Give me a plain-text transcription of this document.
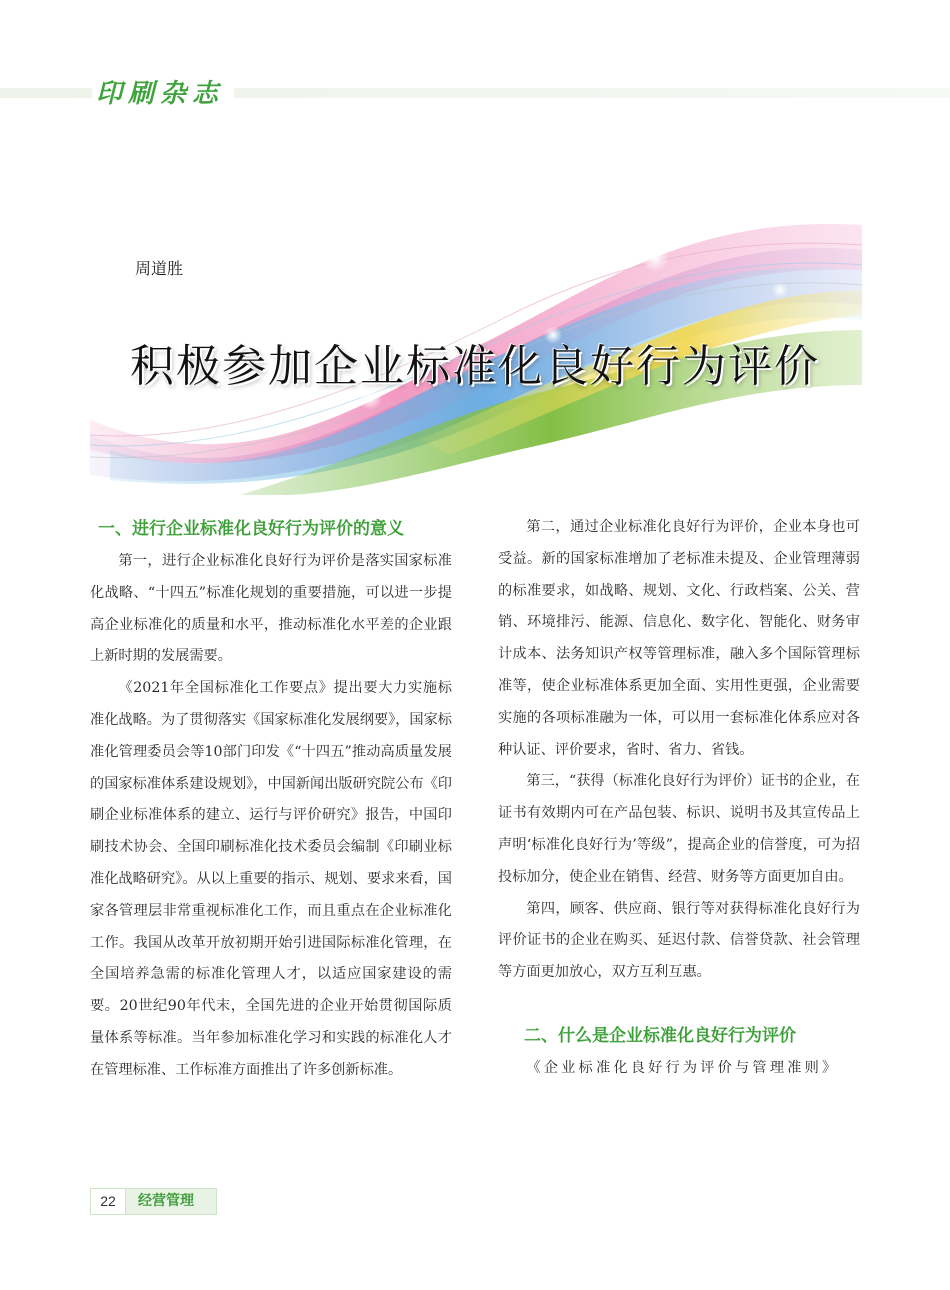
印刷杂志
周道胜
积极参加企业标准化良好行为评价
一、进行企业标准化良好行为评价的意义

第一，进行企业标准化良好行为评价是落实国家标准化战略、“十四五”标准化规划的重要措施，可以进一步提高企业标准化的质量和水平，推动标准化水平差的企业跟上新时期的发展需要。

《2021年全国标准化工作要点》提出要大力实施标准化战略。为了贯彻落实《国家标准化发展纲要》，国家标准化管理委员会等10部门印发《“十四五”推动高质量发展的国家标准体系建设规划》，中国新闻出版研究院公布《印刷企业标准体系的建立、运行与评价研究》报告，中国印刷技术协会、全国印刷标准化技术委员会编制《印刷业标准化战略研究》。从以上重要的指示、规划、要求来看，国家各管理层非常重视标准化工作，而且重点在企业标准化工作。我国从改革开放初期开始引进国际标准化管理，在全国培养急需的标准化管理人才，以适应国家建设的需要。20世纪90年代末，全国先进的企业开始贯彻国际质量体系等标准。当年参加标准化学习和实践的标准化人才在管理标准、工作标准方面推出了许多创新标准。

第二，通过企业标准化良好行为评价，企业本身也可受益。新的国家标准增加了老标准未提及、企业管理薄弱的标准要求，如战略、规划、文化、行政档案、公关、营销、环境排污、能源、信息化、数字化、智能化、财务审计成本、法务知识产权等管理标准，融入多个国际管理标准等，使企业标准体系更加全面、实用性更强，企业需要实施的各项标准融为一体，可以用一套标准化体系应对各种认证、评价要求，省时、省力、省钱。

第三，“获得（标准化良好行为评价）证书的企业，在证书有效期内可在产品包装、标识、说明书及其宣传品上声明‘标准化良好行为’等级”，提高企业的信誉度，可为招投标加分，使企业在销售、经营、财务等方面更加自由。

第四，顾客、供应商、银行等对获得标准化良好行为评价证书的企业在购买、延迟付款、信誉贷款、社会管理等方面更加放心，双方互利互惠。

二、什么是企业标准化良好行为评价

《企业标准化良好行为评价与管理准则》

22	经营管理
